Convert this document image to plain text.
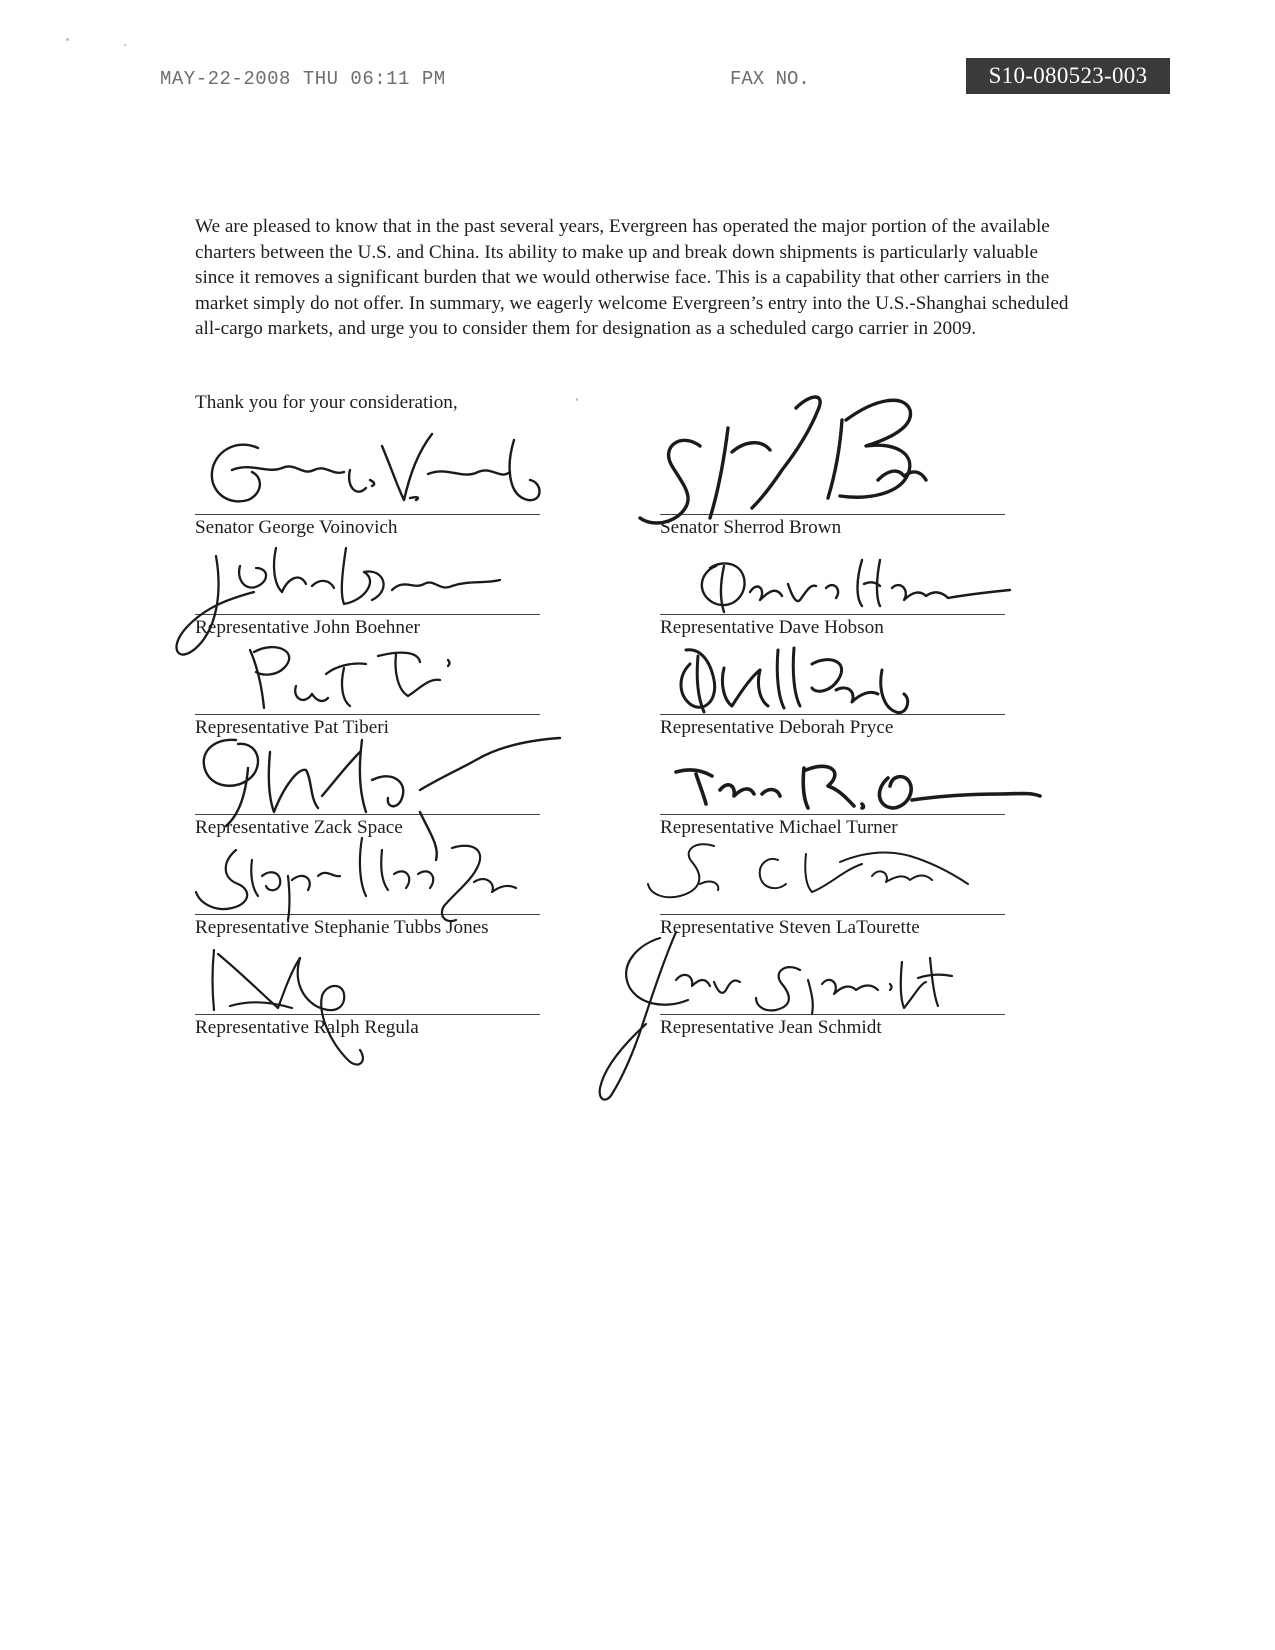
MAY-22-2008 THU 06:11 PM	FAX NO.	S10-080523-003

We are pleased to know that in the past several years, Evergreen has operated the major portion of the available charters between the U.S. and China. Its ability to make up and break down shipments is particularly valuable since it removes a significant burden that we would otherwise face. This is a capability that other carriers in the market simply do not offer. In summary, we eagerly welcome Evergreen’s entry into the U.S.-Shanghai scheduled all-cargo markets, and urge you to consider them for designation as a scheduled cargo carrier in 2009.

Thank you for your consideration,
Senator George Voinovich
Representative John Boehner
Representative Pat Tiberi
Representative Zack Space
Representative Stephanie Tubbs Jones
Representative Ralph Regula
Senator Sherrod Brown
Representative Dave Hobson
Representative Deborah Pryce
Representative Michael Turner
Representative Steven LaTourette
Representative Jean Schmidt
